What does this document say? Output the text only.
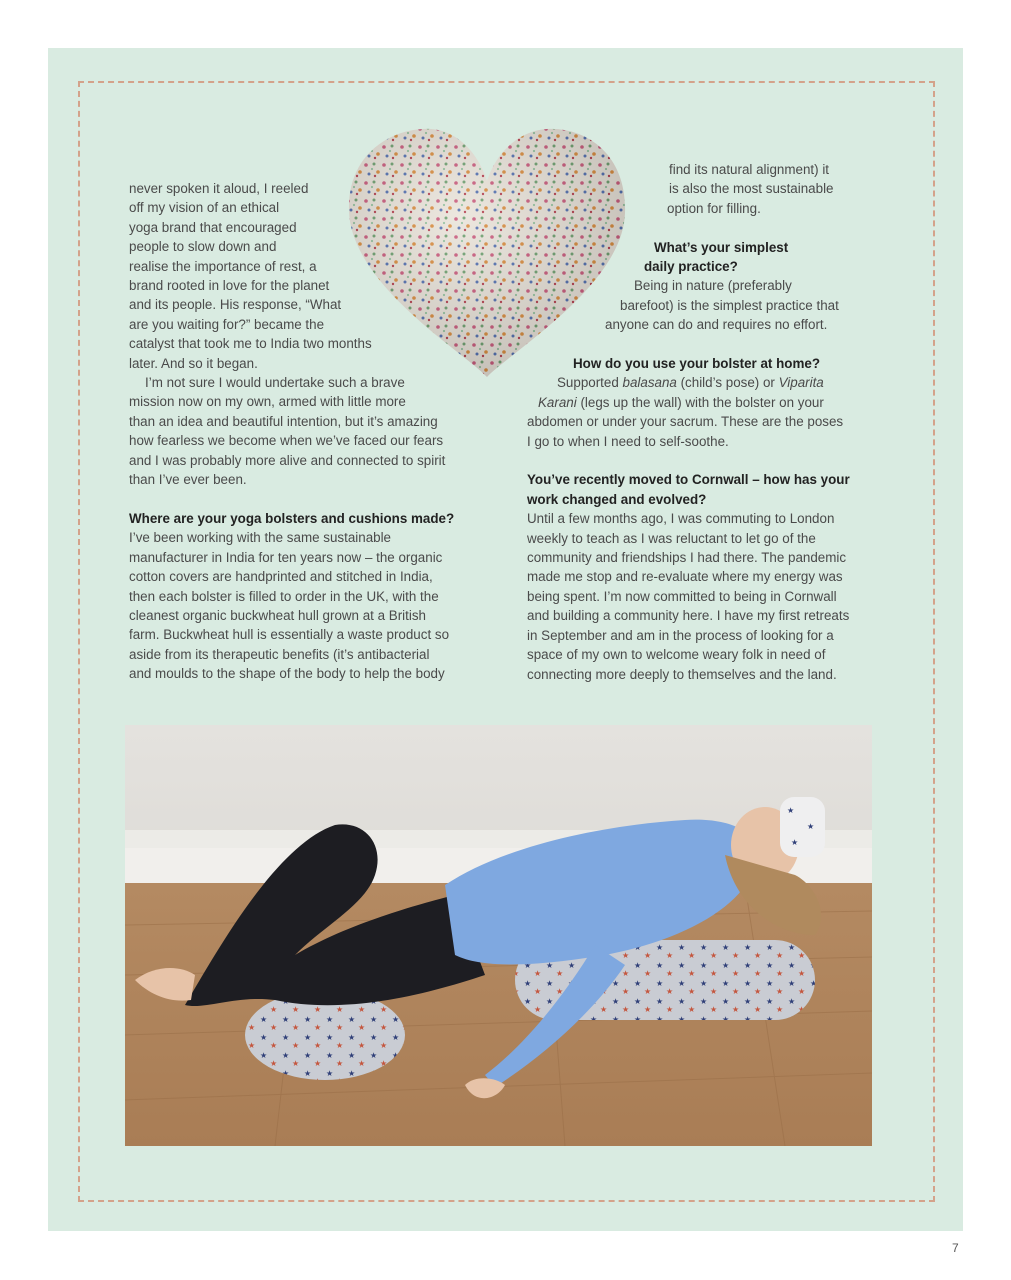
never spoken it aloud, I reeled

off my vision of an ethical

yoga brand that encouraged

people to slow down and

realise the importance of rest, a

brand rooted in love for the planet

and its people. His response, “What

are you waiting for?” became the

catalyst that took me to India two months

later. And so it began.

I’m not sure I would undertake such a brave

mission now on my own, armed with little more

than an idea and beautiful intention, but it’s amazing

how fearless we become when we’ve faced our fears

and I was probably more alive and connected to spirit

than I’ve ever been.

Where are your yoga bolsters and cushions made?

I’ve been working with the same sustainable

manufacturer in India for ten years now – the organic

cotton covers are handprinted and stitched in India,

then each bolster is filled to order in the UK, with the

cleanest organic buckwheat hull grown at a British

farm. Buckwheat hull is essentially a waste product so

aside from its therapeutic benefits (it’s antibacterial

and moulds to the shape of the body to help the body

find its natural alignment) it

is also the most sustainable

option for filling.

What’s your simplest

daily practice?

Being in nature (preferably

barefoot) is the simplest practice that

anyone can do and requires no effort.

How do you use your bolster at home?

Supported balasana (child’s pose) or Viparita

Karani (legs up the wall) with the bolster on your

abdomen or under your sacrum. These are the poses

I go to when I need to self-soothe.

You’ve recently moved to Cornwall – how has your

work changed and evolved?

Until a few months ago, I was commuting to London

weekly to teach as I was reluctant to let go of the

community and friendships I had there. The pandemic

made me stop and re-evaluate where my energy was

being spent. I’m now committed to being in Cornwall

and building a community here. I have my first retreats

in September and am in the process of looking for a

space of my own to welcome weary folk in need of

connecting more deeply to themselves and the land.

★
★
★
7
